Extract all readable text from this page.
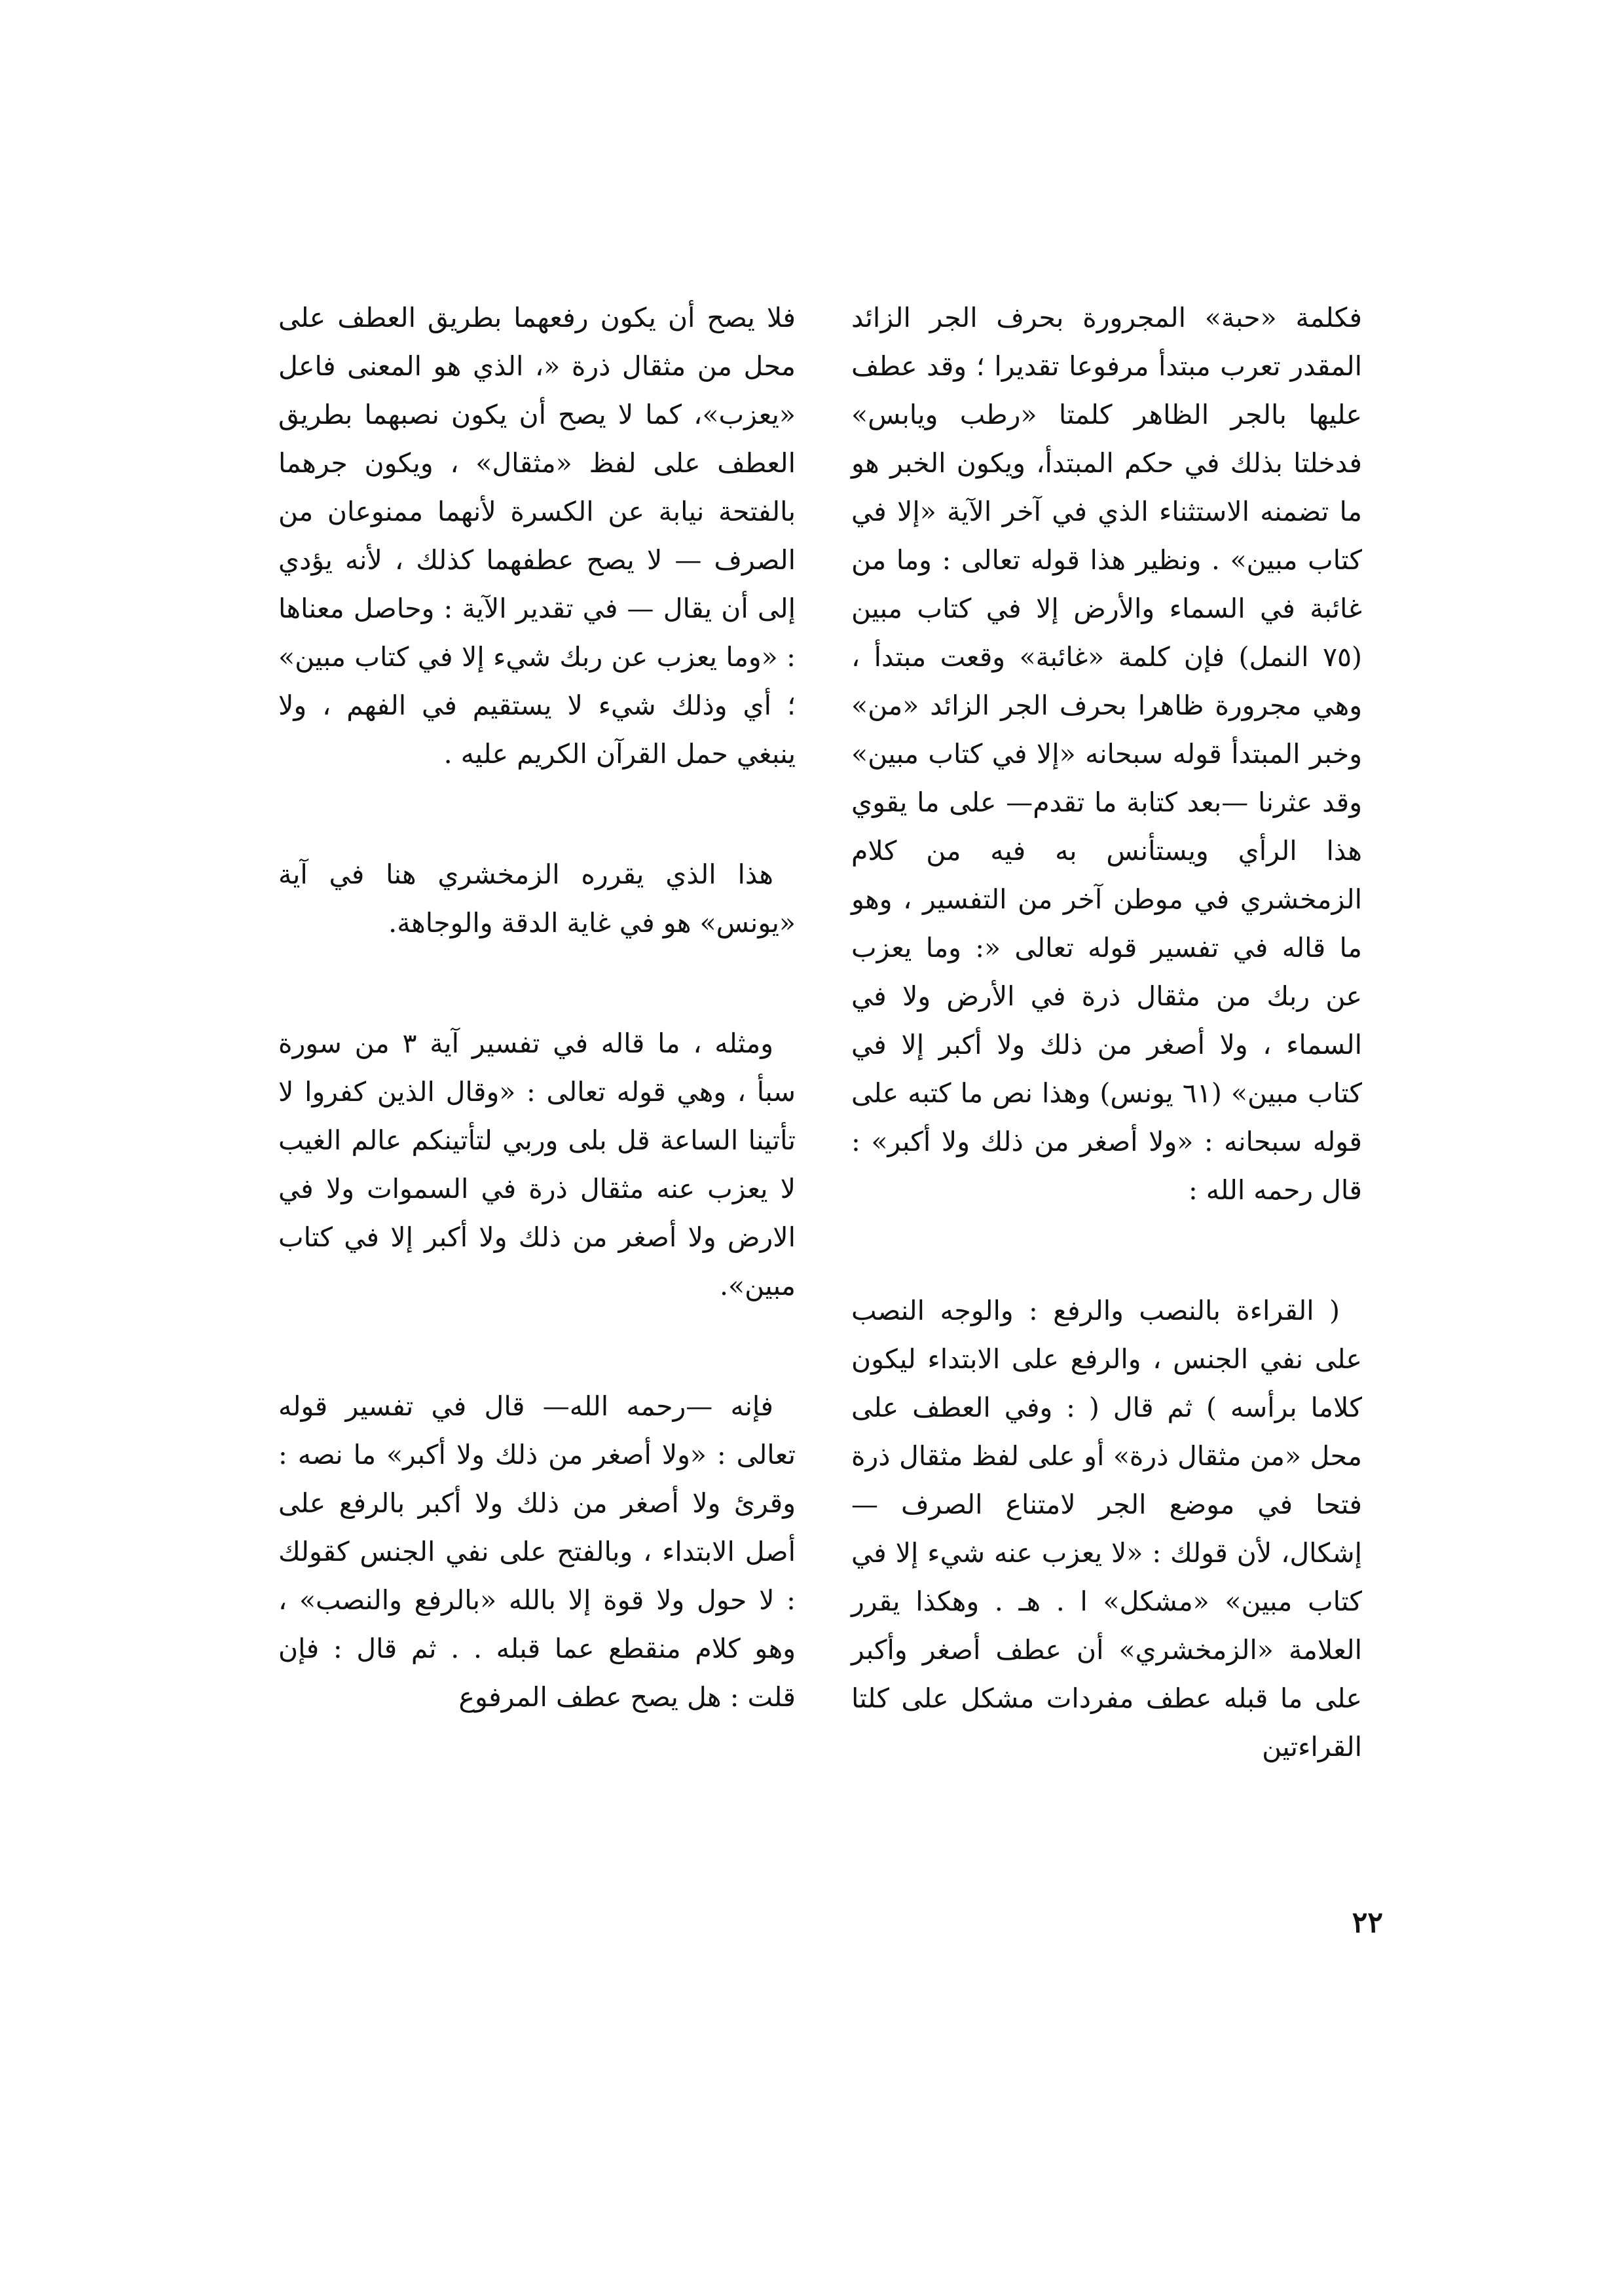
فكلمة «حبة» المجرورة بحرف الجر الزائد المقدر تعرب مبتدأ مرفوعا تقديرا ؛ وقد عطف عليها بالجر الظاهر كلمتا «رطب ويابس» فدخلتا بذلك في حكم المبتدأ، ويكون الخبر هو ما تضمنه الاستثناء الذي في آخر الآية «إلا في كتاب مبين» . ونظير هذا قوله تعالى : وما من غائبة في السماء والأرض إلا في كتاب مبين (٧٥ النمل) فإن كلمة «غائبة» وقعت مبتدأ ، وهي مجرورة ظاهرا بحرف الجر الزائد «من» وخبر المبتدأ قوله سبحانه «إلا في كتاب مبين» وقد عثرنا —بعد كتابة ما تقدم— على ما يقوي هذا الرأي ويستأنس به فيه من كلام الزمخشري في موطن آخر من التفسير ، وهو ما قاله في تفسير قوله تعالى «: وما يعزب عن ربك من مثقال ذرة في الأرض ولا في السماء ، ولا أصغر من ذلك ولا أكبر إلا في كتاب مبين» (٦١ يونس) وهذا نص ما كتبه على قوله سبحانه : «ولا أصغر من ذلك ولا أكبر» : قال رحمه الله :

( القراءة بالنصب والرفع : والوجه النصب على نفي الجنس ، والرفع على الابتداء ليكون كلاما برأسه ) ثم قال ( : وفي العطف على محل «من مثقال ذرة» أو على لفظ مثقال ذرة فتحا في موضع الجر لامتناع الصرف — إشكال، لأن قولك : «لا يعزب عنه شيء إلا في كتاب مبين» «مشكل» ا . هـ . وهكذا يقرر العلامة «الزمخشري» أن عطف أصغر وأكبر على ما قبله عطف مفردات مشكل على كلتا القراءتين

فلا يصح أن يكون رفعهما بطريق العطف على محل من مثقال ذرة «، الذي هو المعنى فاعل «يعزب»، كما لا يصح أن يكون نصبهما بطريق العطف على لفظ «مثقال» ، ويكون جرهما بالفتحة نيابة عن الكسرة لأنهما ممنوعان من الصرف — لا يصح عطفهما كذلك ، لأنه يؤدي إلى أن يقال — في تقدير الآية : وحاصل معناها : «وما يعزب عن ربك شيء إلا في كتاب مبين» ؛ أي وذلك شيء لا يستقيم في الفهم ، ولا ينبغي حمل القرآن الكريم عليه .

هذا الذي يقرره الزمخشري هنا في آية «يونس» هو في غاية الدقة والوجاهة.

ومثله ، ما قاله في تفسير آية ٣ من سورة سبأ ، وهي قوله تعالى : «وقال الذين كفروا لا تأتينا الساعة قل بلى وربي لتأتينكم عالم الغيب لا يعزب عنه مثقال ذرة في السموات ولا في الارض ولا أصغر من ذلك ولا أكبر إلا في كتاب مبين».

فإنه —رحمه الله— قال في تفسير قوله تعالى : «ولا أصغر من ذلك ولا أكبر» ما نصه : وقرئ ولا أصغر من ذلك ولا أكبر بالرفع على أصل الابتداء ، وبالفتح على نفي الجنس كقولك : لا حول ولا قوة إلا بالله «بالرفع والنصب» ، وهو كلام منقطع عما قبله . . ثم قال : فإن قلت : هل يصح عطف المرفوع

٢٢
